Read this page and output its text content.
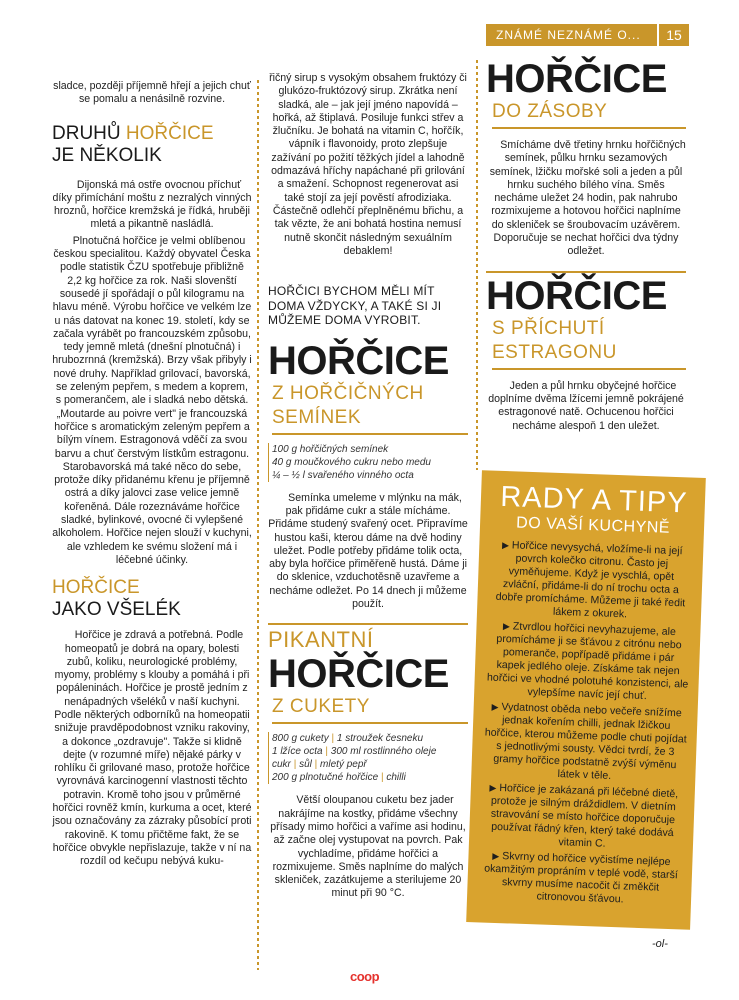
ZNÁMÉ NEZNÁMÉ O...	15

sladce, později příjemně hřejí a jejich chuť se pomalu a nenásilně rozvine.

DRUHŮ HOŘČICE
JE NĚKOLIK

Dijonská má ostře ovocnou příchuť díky přimíchání moštu z nezralých vinných hroznů, hořčice kremžská je řídká, hruběji mletá a pikantně nasládlá.

Plnotučná hořčice je velmi oblíbenou českou specialitou. Každý obyvatel Česka podle statistik ČZU spotřebuje přibližně 2,2 kg hořčice za rok. Naši slovenští sousedé jí spořádají o půl kilogramu na hlavu méně. Výrobu hořčice ve velkém lze u nás datovat na konec 19. století, kdy se začala vyrábět po francouzském způsobu, tedy jemně mletá (dnešní plnotučná) i hrubozrnná (kremžská). Brzy však přibyly i nové druhy. Například grilovací, bavorská, se zeleným pepřem, s medem a koprem, s pomerančem, ale i sladká nebo dětská. „Moutarde au poivre vert" je francouzská hořčice s aromatickým zeleným pepřem a bílým vínem. Estragonová vděčí za svou barvu a chuť čerstvým lístkům estragonu. Starobavorská má také něco do sebe, protože díky přidanému křenu je příjemně ostrá a díky jalovci zase velice jemně kořeněná. Dále rozeznáváme hořčice sladké, bylinkové, ovocné či vylepšené alkoholem. Hořčice nejen slouží v kuchyni, ale vzhledem ke svému složení má i léčebné účinky.

HOŘČICE
JAKO VŠELÉK

Hořčice je zdravá a potřebná. Podle homeopatů je dobrá na opary, bolesti zubů, koliku, neurologické problémy, myomy, problémy s klouby a pomáhá i při popáleninách. Hořčice je prostě jedním z nenápadných všeléků v naší kuchyni. Podle některých odborníků na homeopatii snižuje pravděpodobnost vzniku rakoviny, a dokonce „ozdravuje". Takže si klidně dejte (v rozumné míře) nějaké párky v rohlíku či grilované maso, protože hořčice vyrovnává karcinogenní vlastnosti těchto potravin. Kromě toho jsou v průměrné hořčici rovněž kmín, kurkuma a ocet, které jsou označovány za zázraky působící proti rakovině. K tomu přičtěme fakt, že se hořčice obvykle nepřislazuje, takže v ní na rozdíl od kečupu nebývá kuku-

řičný sirup s vysokým obsahem fruktózy či glukózo-fruktózový sirup. Zkrátka není sladká, ale – jak její jméno napovídá – hořká, až štiplavá. Posiluje funkci střev a žlučníku. Je bohatá na vitamin C, hořčík, vápník i flavonoidy, proto zlepšuje zažívání po požití těžkých jídel a lahodně odmazává hříchy napáchané při grilování a smažení. Schopnost regenerovat asi také stojí za její pověstí afrodiziaka. Částečně odlehčí přeplněnému břichu, a tak vězte, že ani bohatá hostina nemusí nutně skončit následným sexuálním debaklem!

HOŘČICI BYCHOM MĚLI MÍT DOMA VŽDYCKY, A TAKÉ SI JI MŮŽEME DOMA VYROBIT.

HOŘČICE
Z HOŘČIČNÝCH
SEMÍNEK
100 g hořčičných semínek
40 g moučkového cukru nebo medu
¼ – ½ l svařeného vinného octa

Semínka umeleme v mlýnku na mák, pak přidáme cukr a stále mícháme. Přidáme studený svařený ocet. Připravíme hustou kaši, kterou dáme na dvě hodiny uležet. Podle potřeby přidáme tolik octa, aby byla hořčice přiměřeně hustá. Dáme ji do sklenice, vzduchotěsně uzavřeme a necháme odležet. Po 14 dnech ji můžeme použít.

PIKANTNÍ
HOŘČICE
Z CUKETY
800 g cukety | 1 stroužek česneku
1 lžíce octa | 300 ml rostlinného oleje
cukr | sůl | mletý pepř
200 g plnotučné hořčice | chilli

Větší oloupanou cuketu bez jader nakrájíme na kostky, přidáme všechny přísady mimo hořčici a vaříme asi hodinu, až začne olej vystupovat na povrch. Pak vychladíme, přidáme hořčici a rozmixujeme. Směs naplníme do malých skleniček, zazátkujeme a sterilujeme 20 minut při 90 °C.

HOŘČICE
DO ZÁSOBY

Smícháme dvě třetiny hrnku hořčičných semínek, půlku hrnku sezamových semínek, lžičku mořské soli a jeden a půl hrnku suchého bílého vína. Směs necháme uležet 24 hodin, pak nahrubo rozmixujeme a hotovou hořčici naplníme do skleniček se šroubovacím uzávěrem. Doporučuje se nechat hořčici dva týdny odležet.

HOŘČICE
S PŘÍCHUTÍ
ESTRAGONU

Jeden a půl hrnku obyčejné hořčice doplníme dvěma lžícemi jemně pokrájené estragonové natě. Ochucenou hořčici necháme alespoň 1 den uležet.

RADY A TIPY
DO VAŠÍ KUCHYNĚ

▶ Hořčice nevysychá, vložíme-li na její povrch kolečko citronu. Často jej vyměňujeme. Když je vyschlá, opět zvláční, přidáme-li do ní trochu octa a dobře promícháme. Můžeme ji také ředit lákem z okurek.

▶ Ztvrdlou hořčici nevyhazujeme, ale promícháme ji se šťávou z citrónu nebo pomeranče, popřípadě přidáme i pár kapek jedlého oleje. Získáme tak nejen hořčici ve vhodné polotuhé konzistenci, ale vylepšíme navíc její chuť.

▶ Vydatnost oběda nebo večeře snížíme jednak kořením chilli, jednak lžičkou hořčice, kterou můžeme podle chuti pojídat s jednotlivými sousty. Vědci tvrdí, že 3 gramy hořčice podstatně zvýší výměnu látek v těle.

▶ Hořčice je zakázaná při léčebné dietě, protože je silným dráždidlem. V dietním stravování se místo hořčice doporučuje používat řádný křen, který také dodává vitamin C.

▶ Skvrny od hořčice vyčistíme nejlépe okamžitým propráním v teplé vodě, starší skvrny musíme nacočit či změkčit citronovou šťávou.

-ol-
coop
